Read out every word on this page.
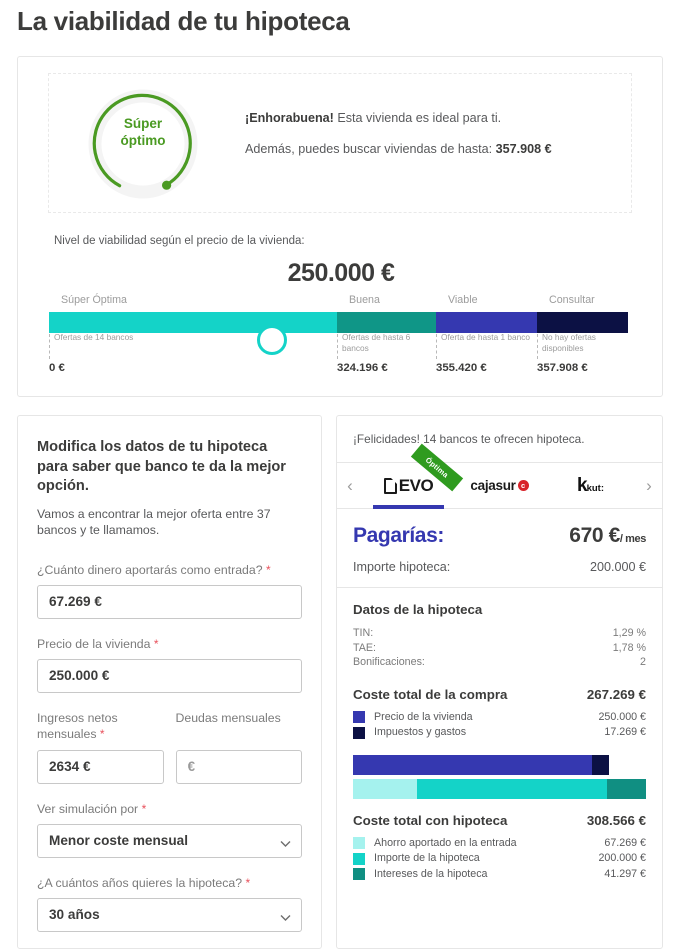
La viabilidad de tu hipoteca
Súper
óptimo

¡Enhorabuena! Esta vivienda es ideal para ti.

Además, puedes buscar viviendas de hasta: 357.908 €

Nivel de viabilidad según el precio de la vivienda:
250.000 €
Súper Óptima	Buena	Viable	Consultar
Ofertas de 14 bancos
0 €
Ofertas de hasta 6 bancos
324.196 €
Oferta de hasta 1 banco
355.420 €
No hay ofertas disponibles
357.908 €
Modifica los datos de tu hipoteca para saber que banco te da la mejor opción.
Vamos a encontrar la mejor oferta entre 37 bancos y te llamamos.
¿Cuánto dinero aportarás como entrada? *
67.269 €
Precio de la vivienda *
250.000 €
Ingresos netos mensuales *
2634 €
Deudas mensuales
€
Ver simulación por *
Menor coste mensual
¿A cuántos años quieres la hipoteca? *
30 años
¡Felicidades! 14 bancos te ofrecen hipoteca.
‹	EVO
Óptima
cajasur c	k kut:	›
Pagarías:	670 €/ mes
Importe hipoteca:	200.000 €
Datos de la hipoteca
TIN:	1,29 %
TAE:	1,78 %
Bonificaciones:	2
Coste total de la compra	267.269 €
Precio de la vivienda	250.000 €
Impuestos y gastos	17.269 €
Coste total con hipoteca	308.566 €
Ahorro aportado en la entrada	67.269 €
Importe de la hipoteca	200.000 €
Intereses de la hipoteca	41.297 €
